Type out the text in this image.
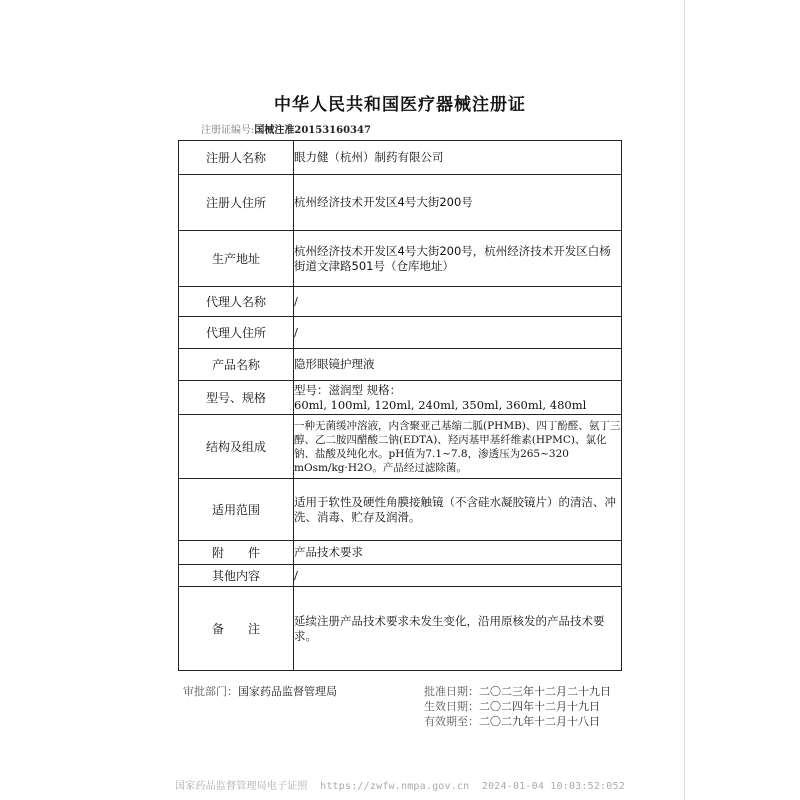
中华人民共和国医疗器械注册证
注册证编号:国械注准20153160347
注册人名称	眼力健（杭州）制药有限公司
注册人住所	杭州经济技术开发区4号大街200号
生产地址	杭州经济技术开发区4号大街200号，杭州经济技术开发区白杨街道文津路501号（仓库地址）
代理人名称	/
代理人住所	/
产品名称	隐形眼镜护理液
型号、规格	型号：滋润型 规格：
60ml, 100ml, 120ml, 240ml, 350ml, 360ml, 480ml

结构及组成	一种无菌缓冲溶液，内含聚亚己基缩二胍(PHMB)、四丁酚醛、氨丁三醇、乙二胺四醋酸二钠(EDTA)、羟丙基甲基纤维素(HPMC)、氯化钠、盐酸及纯化水。pH值为7.1~7.8，渗透压为265~320 mOsm/kg·H2O。产品经过滤除菌。
适用范围	适用于软性及硬性角膜接触镜（不含硅水凝胶镜片）的清洁、冲洗、消毒、贮存及润滑。
附　　件	产品技术要求
其他内容	/
备　　注	延续注册产品技术要求未发生变化，沿用原核发的产品技术要求。
审批部门：国家药品监督管理局	批准日期：二〇二三年十二月二十九日
生效日期：二〇二四年十二月十九日
有效期至：二〇二九年十二月十八日
国家药品监督管理局电子证照 https://zwfw.nmpa.gov.cn 2024-01-04 10:03:52:052
